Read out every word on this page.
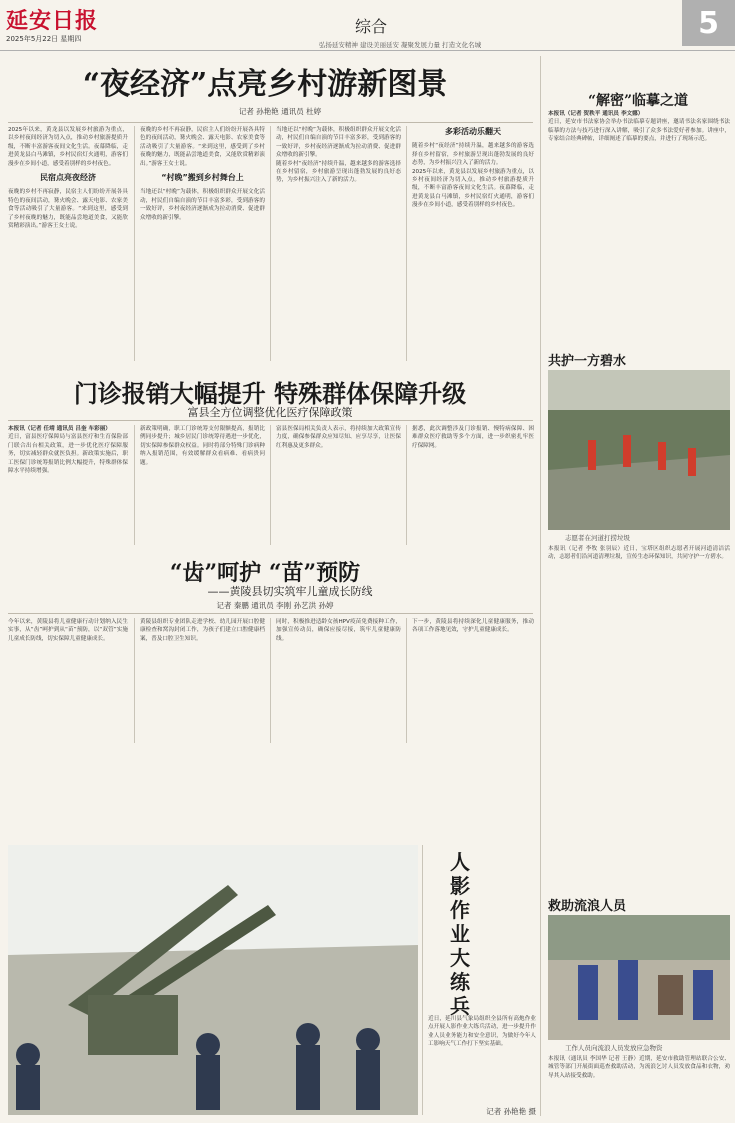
延安日报
2025年5月22日 星期四
综合	5
弘扬延安精神 建设美丽延安 凝聚发展力量 打造文化名城
“夜经济”点亮乡村游新图景
记者 孙艳艳 通讯员 杜婷
2025年以来，黄龙县以发展乡村旅游为重点，以乡村夜间经济为切入点，推动乡村旅游提质升级，不断丰富游客夜间文化生活。夜幕降临，走进黄龙县白马滩镇，乡村民宿灯火通明，游客们漫步在乡间小道，感受着别样的乡村夜色。
民宿点亮夜经济
夜晚的乡村不再寂静，民宿主人们纷纷开展各具特色的夜间活动，篝火晚会、露天电影、农家美食等活动吸引了大量游客。“来到这里，感受到了乡村夜晚的魅力，既能品尝地道美食，又能欣赏精彩演出。”游客王女士说。
夜晚的乡村不再寂静，民宿主人们纷纷开展各具特色的夜间活动，篝火晚会、露天电影、农家美食等活动吸引了大量游客。“来到这里，感受到了乡村夜晚的魅力，既能品尝地道美食，又能欣赏精彩演出。”游客王女士说。
“村晚”搬到乡村舞台上
当地还以“村晚”为载体，积极组织群众开展文化活动，村民们自编自演的节目丰富多彩，受到游客的一致好评，乡村夜经济逐渐成为拉动消费、促进群众增收的新引擎。
当地还以“村晚”为载体，积极组织群众开展文化活动，村民们自编自演的节目丰富多彩，受到游客的一致好评，乡村夜经济逐渐成为拉动消费、促进群众增收的新引擎。
随着乡村“夜经济”持续升温，越来越多的游客选择在乡村留宿，乡村旅游呈现出蓬勃发展的良好态势，为乡村振兴注入了新的活力。
多彩活动乐翻天
随着乡村“夜经济”持续升温，越来越多的游客选择在乡村留宿，乡村旅游呈现出蓬勃发展的良好态势，为乡村振兴注入了新的活力。
2025年以来，黄龙县以发展乡村旅游为重点，以乡村夜间经济为切入点，推动乡村旅游提质升级，不断丰富游客夜间文化生活。夜幕降临，走进黄龙县白马滩镇，乡村民宿灯火通明，游客们漫步在乡间小道，感受着别样的乡村夜色。
“解密”临摹之道
本报讯（记者 贺秩平 通讯员 李文娜）
近日，延安市书法家协会举办书法临摹专题讲座，邀请书法名家围绕书法临摹的方法与技巧进行深入讲解，吸引了众多书法爱好者参加。讲座中，专家结合经典碑帖，详细阐述了临摹的要点，并进行了现场示范。
共护一方碧水
志愿者在河道打捞垃圾
本报讯（记者 李牧 张羽辰）近日，宝塔区组织志愿者开展河道清洁活动，志愿者们沿河道清理垃圾，宣传生态环保知识，共同守护一方碧水。
救助流浪人员
工作人员向流浪人员发放应急物资
本报讯（通讯员 李国华 记者 王静）近期，延安市救助管理站联合公安、城管等部门开展街面巡查救助活动，为流浪乞讨人员发放食品和衣物，劝导其入站接受救助。
门诊报销大幅提升 特殊群体保障升级
富县全方位调整优化医疗保障政策
本报讯（记者 任靖 通讯员 吕奎 车彩丽）
近日，富县医疗保障局与富县医疗和生育保险部门联合出台相关政策，进一步优化医疗保障服务，切实减轻群众就医负担。新政策实施后，职工医保门诊统筹报销比例大幅提升，特殊群体保障水平持续增强。
新政策明确，职工门诊统筹支付限额提高，报销比例同步提升；城乡居民门诊统筹待遇进一步优化，切实保障参保群众权益。同时将部分特殊门诊病种纳入报销范围，有效缓解群众看病难、看病贵问题。
富县医保局相关负责人表示，将持续加大政策宣传力度，确保参保群众应知尽知、应享尽享，让医保红利惠及更多群众。
据悉，此次调整涉及门诊报销、慢特病保障、困难群众医疗救助等多个方面，进一步织密扎牢医疗保障网。
“齿”呵护 “苗”预防
——黄陵县切实筑牢儿童成长防线
记者 秦鹏 通讯员 李刚 孙艺洪 孙婷
今年以来，黄陵县将儿童健康行动计划纳入民生实事，从“齿”呵护到从“苗”预防，以“双管”实施儿童成长防线，切实保障儿童健康成长。
黄陵县组织专业团队走进学校、幼儿园开展口腔健康检查和窝沟封闭工作，为孩子们建立口腔健康档案，普及口腔卫生知识。
同时，积极推进适龄女孩HPV疫苗免费接种工作，加强宣传动员，确保应接尽接，筑牢儿童健康防线。
下一步，黄陵县将持续深化儿童健康服务，推动各项工作落地见效，守护儿童健康成长。
人影作业大练兵
近日，延川县气象局组织全县所有高炮作业点开展人影作业大练兵活动，进一步提升作业人员业务能力和安全意识，为做好今年人工影响天气工作打下坚实基础。
记者 孙艳艳 摄
